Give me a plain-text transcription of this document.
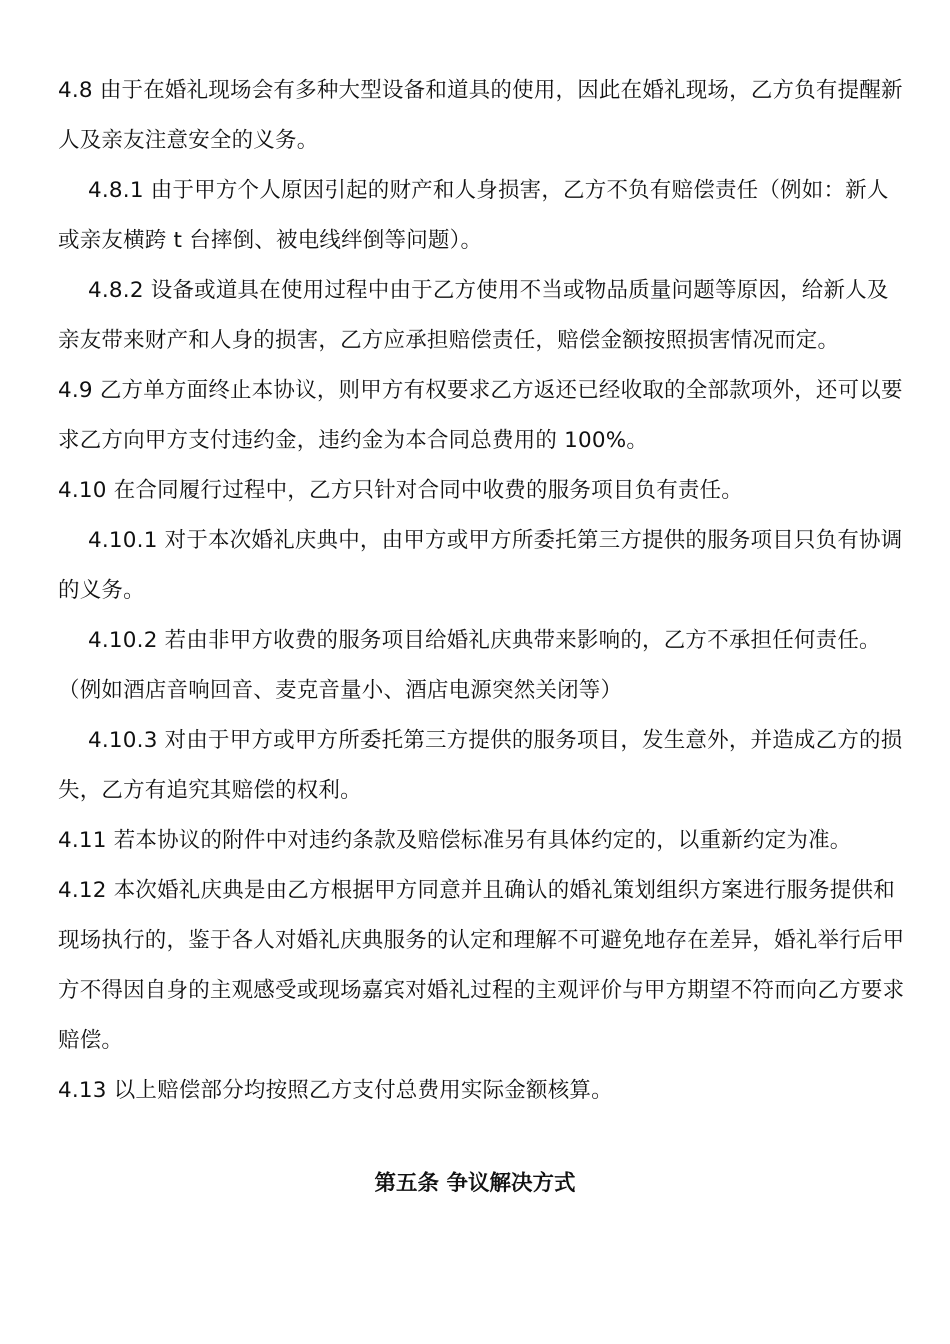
4.8 由于在婚礼现场会有多种大型设备和道具的使用，因此在婚礼现场，乙方负有提醒新人及亲友注意安全的义务。

4.8.1 由于甲方个人原因引起的财产和人身损害，乙方不负有赔偿责任（例如：新人或亲友横跨 t 台摔倒、被电线绊倒等问题）。

4.8.2 设备或道具在使用过程中由于乙方使用不当或物品质量问题等原因，给新人及亲友带来财产和人身的损害，乙方应承担赔偿责任，赔偿金额按照损害情况而定。

4.9 乙方单方面终止本协议，则甲方有权要求乙方返还已经收取的全部款项外，还可以要求乙方向甲方支付违约金，违约金为本合同总费用的 100%。

4.10 在合同履行过程中，乙方只针对合同中收费的服务项目负有责任。

4.10.1 对于本次婚礼庆典中，由甲方或甲方所委托第三方提供的服务项目只负有协调的义务。

4.10.2 若由非甲方收费的服务项目给婚礼庆典带来影响的，乙方不承担任何责任。（例如酒店音响回音、麦克音量小、酒店电源突然关闭等）

4.10.3 对由于甲方或甲方所委托第三方提供的服务项目，发生意外，并造成乙方的损失，乙方有追究其赔偿的权利。

4.11 若本协议的附件中对违约条款及赔偿标准另有具体约定的，以重新约定为准。

4.12 本次婚礼庆典是由乙方根据甲方同意并且确认的婚礼策划组织方案进行服务提供和现场执行的，鉴于各人对婚礼庆典服务的认定和理解不可避免地存在差异，婚礼举行后甲方不得因自身的主观感受或现场嘉宾对婚礼过程的主观评价与甲方期望不符而向乙方要求赔偿。

4.13 以上赔偿部分均按照乙方支付总费用实际金额核算。

第五条 争议解决方式
